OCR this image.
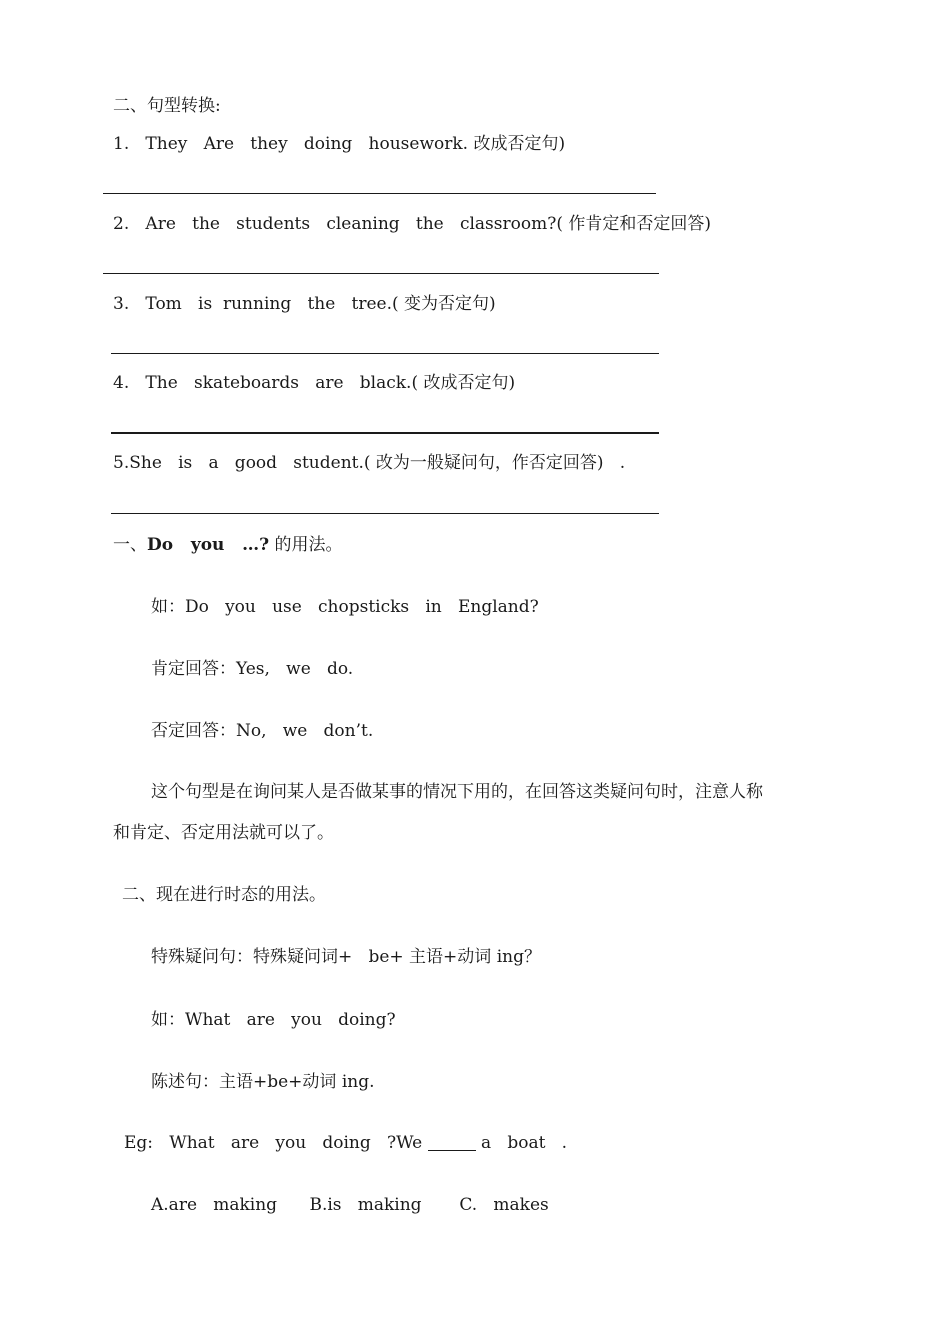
二、句型转换:
1.   They   Are   they   doing   housework. 改成否定句)
2.   Are   the   students   cleaning   the   classroom?( 作肯定和否定回答)
3.   Tom   is  running   the   tree.( 变为否定句)
4.   The   skateboards   are   black.( 改成否定句)
5.She   is   a   good   student.( 改为一般疑问句，作否定回答)   .
一、Do   you   …? 的用法。
如：Do   you   use   chopsticks   in   England?
肯定回答：Yes,   we   do.
否定回答：No,   we   don’t.
这个句型是在询问某人是否做某事的情况下用的，在回答这类疑问句时，注意人称
和肯定、否定用法就可以了。
二、现在进行时态的用法。
特殊疑问句：特殊疑问词+   be+ 主语+动词 ing？
如：What   are   you   doing?
陈述句：主语+be+动词 ing.
Eg:   What   are   you   doing   ?We	a   boat   .
A.are   making      B.is   making       C.   makes
